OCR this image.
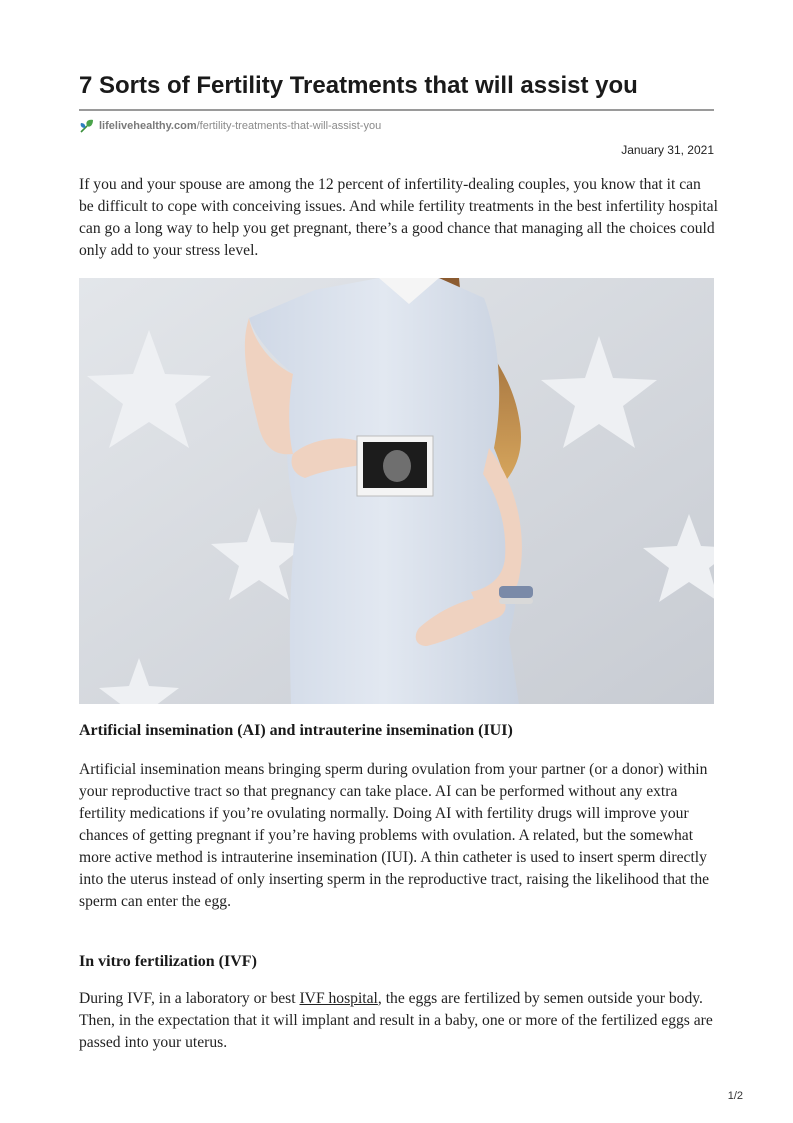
7 Sorts of Fertility Treatments that will assist you
lifelivehealthy.com /fertility-treatments-that-will-assist-you
January 31, 2021

If you and your spouse are among the 12 percent of infertility-dealing couples, you know that it can be difficult to cope with conceiving issues. And while fertility treatments in the best infertility hospital can go a long way to help you get pregnant, there’s a good chance that managing all the choices could only add to your stress level.

Artificial insemination (AI) and intrauterine insemination (IUI)

Artificial insemination means bringing sperm during ovulation from your partner (or a donor) within your reproductive tract so that pregnancy can take place. AI can be performed without any extra fertility medications if you’re ovulating normally. Doing AI with fertility drugs will improve your chances of getting pregnant if you’re having problems with ovulation. A related, but the somewhat more active method is intrauterine insemination (IUI). A thin catheter is used to insert sperm directly into the uterus instead of only inserting sperm in the reproductive tract, raising the likelihood that the sperm can enter the egg.

In vitro fertilization (IVF)

During IVF, in a laboratory or best IVF hospital, the eggs are fertilized by semen outside your body. Then, in the expectation that it will implant and result in a baby, one or more of the fertilized eggs are passed into your uterus.

1/2
